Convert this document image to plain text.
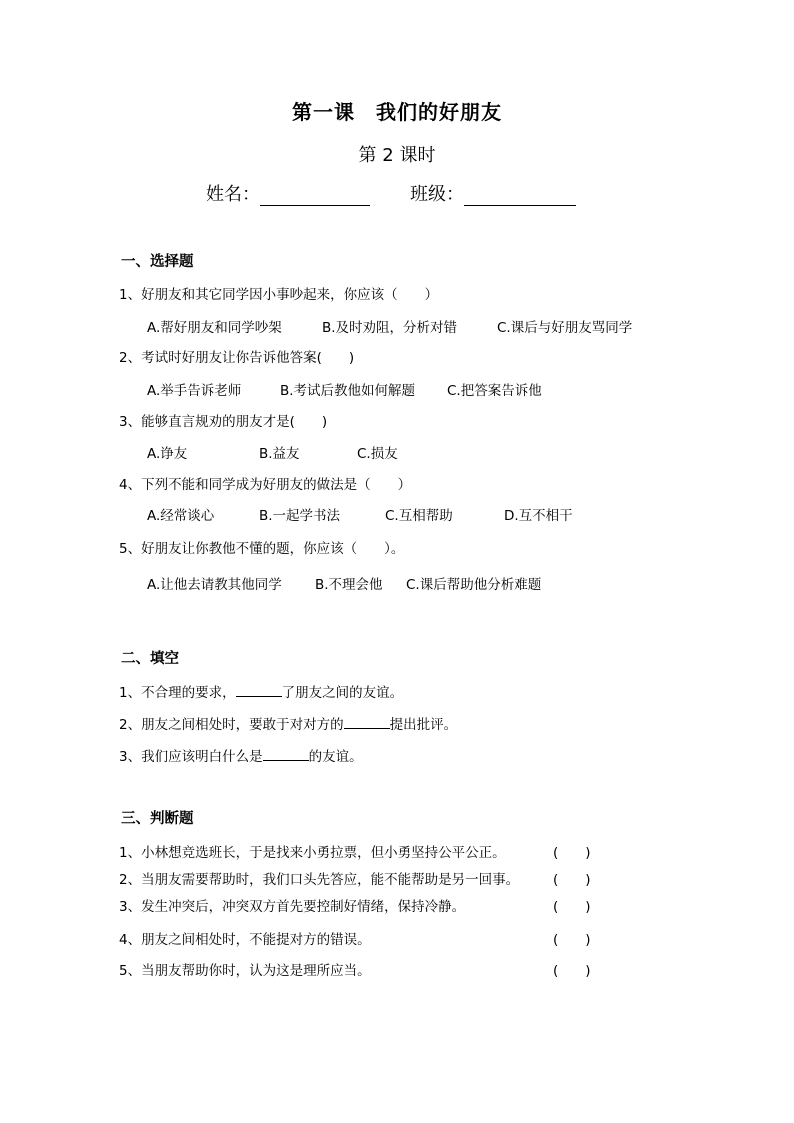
第一课　我们的好朋友
第 2 课时
姓名：	班级：
一、选择题
1、好朋友和其它同学因小事吵起来，你应该（　　）
A.帮好朋友和同学吵架	B.及时劝阻，分析对错	C.课后与好朋友骂同学
2、考试时好朋友让你告诉他答案(　　)
A.举手告诉老师	B.考试后教他如何解题 C.把答案告诉他
3、能够直言规劝的朋友才是(　　)
A.诤友	B.益友	C.损友
4、下列不能和同学成为好朋友的做法是（　　）
A.经常谈心	B.一起学书法	C.互相帮助	D.互不相干
5、好朋友让你教他不懂的题，你应该（　　）。
A.让他去请教其他同学 B.不理会他 C.课后帮助他分析难题
二、填空
1、不合理的要求，	了朋友之间的友谊。
2、朋友之间相处时，要敢于对对方的	提出批评。
3、我们应该明白什么是	的友谊。
三、判断题
1、小林想竞选班长，于是找来小勇拉票，但小勇坚持公平公正。	(　　)
2、当朋友需要帮助时，我们口头先答应，能不能帮助是另一回事。	(　　)
3、发生冲突后，冲突双方首先要控制好情绪，保持冷静。	(　　)
4、朋友之间相处时，不能提对方的错误。	(　　)
5、当朋友帮助你时，认为这是理所应当。	(　　)
